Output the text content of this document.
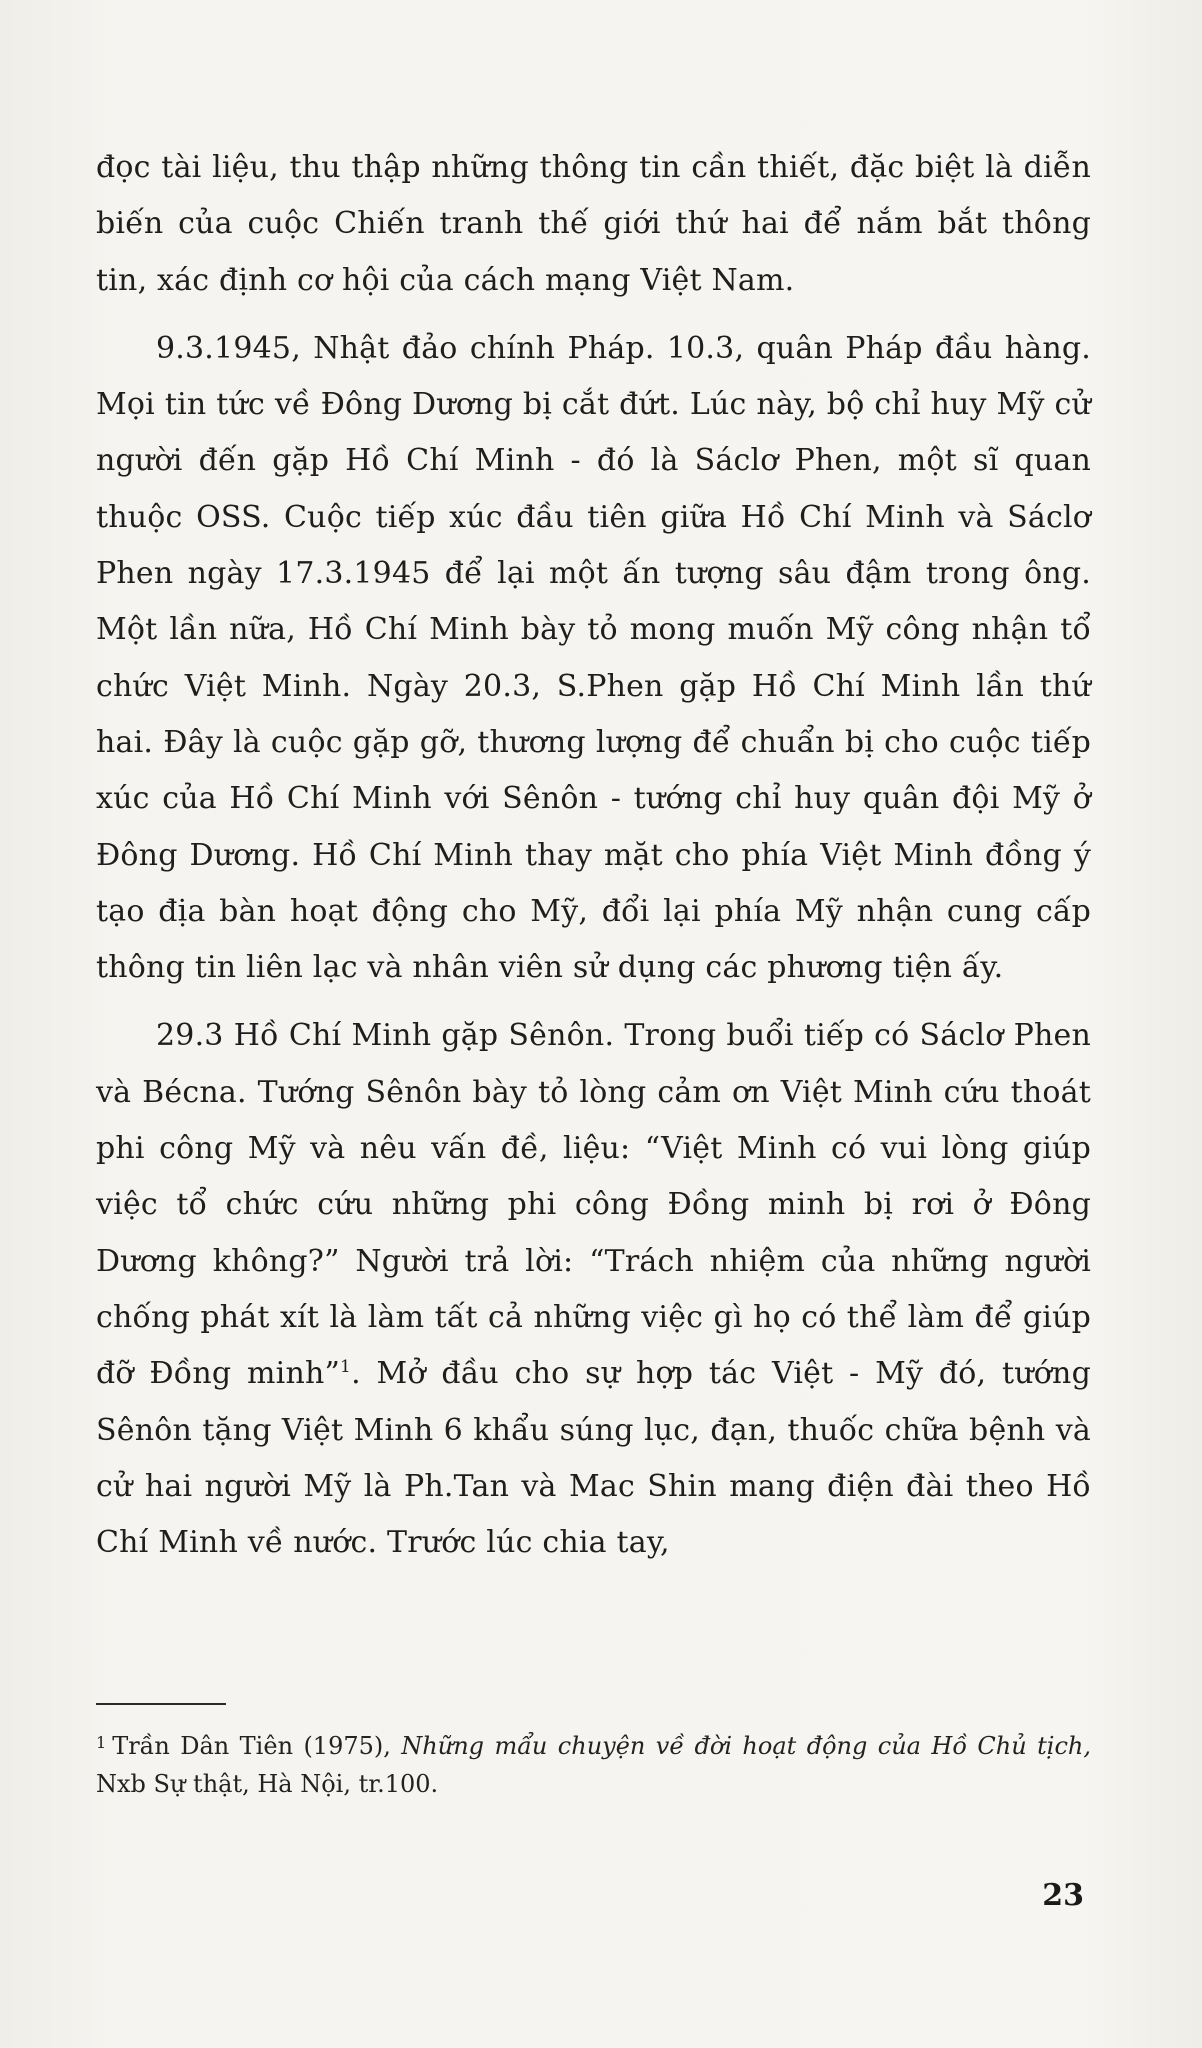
đọc tài liệu, thu thập những thông tin cần thiết, đặc biệt là diễn biến của cuộc Chiến tranh thế giới thứ hai để nắm bắt thông tin, xác định cơ hội của cách mạng Việt Nam.

9.3.1945, Nhật đảo chính Pháp. 10.3, quân Pháp đầu hàng. Mọi tin tức về Đông Dương bị cắt đứt. Lúc này, bộ chỉ huy Mỹ cử người đến gặp Hồ Chí Minh - đó là Sáclơ Phen, một sĩ quan thuộc OSS. Cuộc tiếp xúc đầu tiên giữa Hồ Chí Minh và Sáclơ Phen ngày 17.3.1945 để lại một ấn tượng sâu đậm trong ông. Một lần nữa, Hồ Chí Minh bày tỏ mong muốn Mỹ công nhận tổ chức Việt Minh. Ngày 20.3, S.Phen gặp Hồ Chí Minh lần thứ hai. Đây là cuộc gặp gỡ, thương lượng để chuẩn bị cho cuộc tiếp xúc của Hồ Chí Minh với Sênôn - tướng chỉ huy quân đội Mỹ ở Đông Dương. Hồ Chí Minh thay mặt cho phía Việt Minh đồng ý tạo địa bàn hoạt động cho Mỹ, đổi lại phía Mỹ nhận cung cấp thông tin liên lạc và nhân viên sử dụng các phương tiện ấy.

29.3 Hồ Chí Minh gặp Sênôn. Trong buổi tiếp có Sáclơ Phen và Bécna. Tướng Sênôn bày tỏ lòng cảm ơn Việt Minh cứu thoát phi công Mỹ và nêu vấn đề, liệu: “Việt Minh có vui lòng giúp việc tổ chức cứu những phi công Đồng minh bị rơi ở Đông Dương không?” Người trả lời: “Trách nhiệm của những người chống phát xít là làm tất cả những việc gì họ có thể làm để giúp đỡ Đồng minh”$^1$. Mở đầu cho sự hợp tác Việt - Mỹ đó, tướng Sênôn tặng Việt Minh 6 khẩu súng lục, đạn, thuốc chữa bệnh và cử hai người Mỹ là Ph.Tan và Mac Shin mang điện đài theo Hồ Chí Minh về nước. Trước lúc chia tay,

$^1$ Trần Dân Tiên (1975), Những mẩu chuyện về đời hoạt động của Hồ Chủ tịch, Nxb Sự thật, Hà Nội, tr.100.
23
